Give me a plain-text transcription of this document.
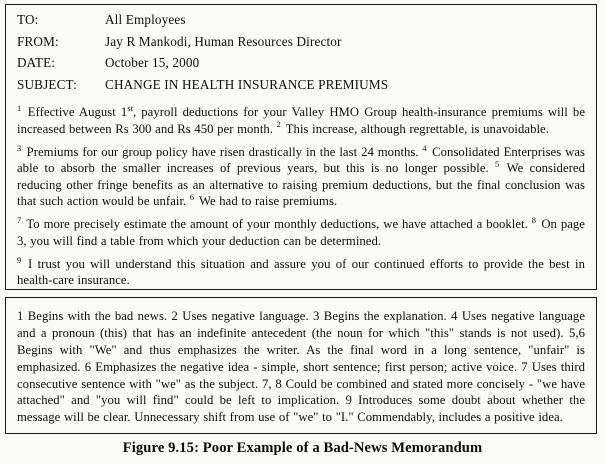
TO:	All Employees
FROM:	Jay R Mankodi, Human Resources Director
DATE:	October 15, 2000
SUBJECT:	CHANGE IN HEALTH INSURANCE PREMIUMS

$^1$ Effective August 1st, payroll deductions for your Valley HMO Group health-insurance premiums will be increased between Rs 300 and Rs 450 per month. $^2$ This increase, although regrettable, is unavoidable.

$^3$ Premiums for our group policy have risen drastically in the last 24 months. $^4$ Consolidated Enterprises was able to absorb the smaller increases of previous years, but this is no longer possible. $^5$ We considered reducing other fringe benefits as an alternative to raising premium deductions, but the final conclusion was that such action would be unfair. $^6$ We had to raise premiums.

$^7$ To more precisely estimate the amount of your monthly deductions, we have attached a booklet. $^8$ On page 3, you will find a table from which your deduction can be determined.

$^9$ I trust you will understand this situation and assure you of our continued efforts to provide the best in health-care insurance.

1 Begins with the bad news. 2 Uses negative language. 3 Begins the explanation. 4 Uses negative language and a pronoun (this) that has an indefinite antecedent (the noun for which "this" stands is not used). 5,6 Begins with "We" and thus emphasizes the writer. As the final word in a long sentence, "unfair" is emphasized. 6 Emphasizes the negative idea - simple, short sentence; first person; active voice. 7 Uses third consecutive sentence with "we" as the subject. 7, 8 Could be combined and stated more concisely - "we have attached" and "you will find" could be left to implication. 9 Introduces some doubt about whether the message will be clear. Unnecessary shift from use of "we" to "I." Commendably, includes a positive idea.

Figure 9.15: Poor Example of a Bad-News Memorandum
